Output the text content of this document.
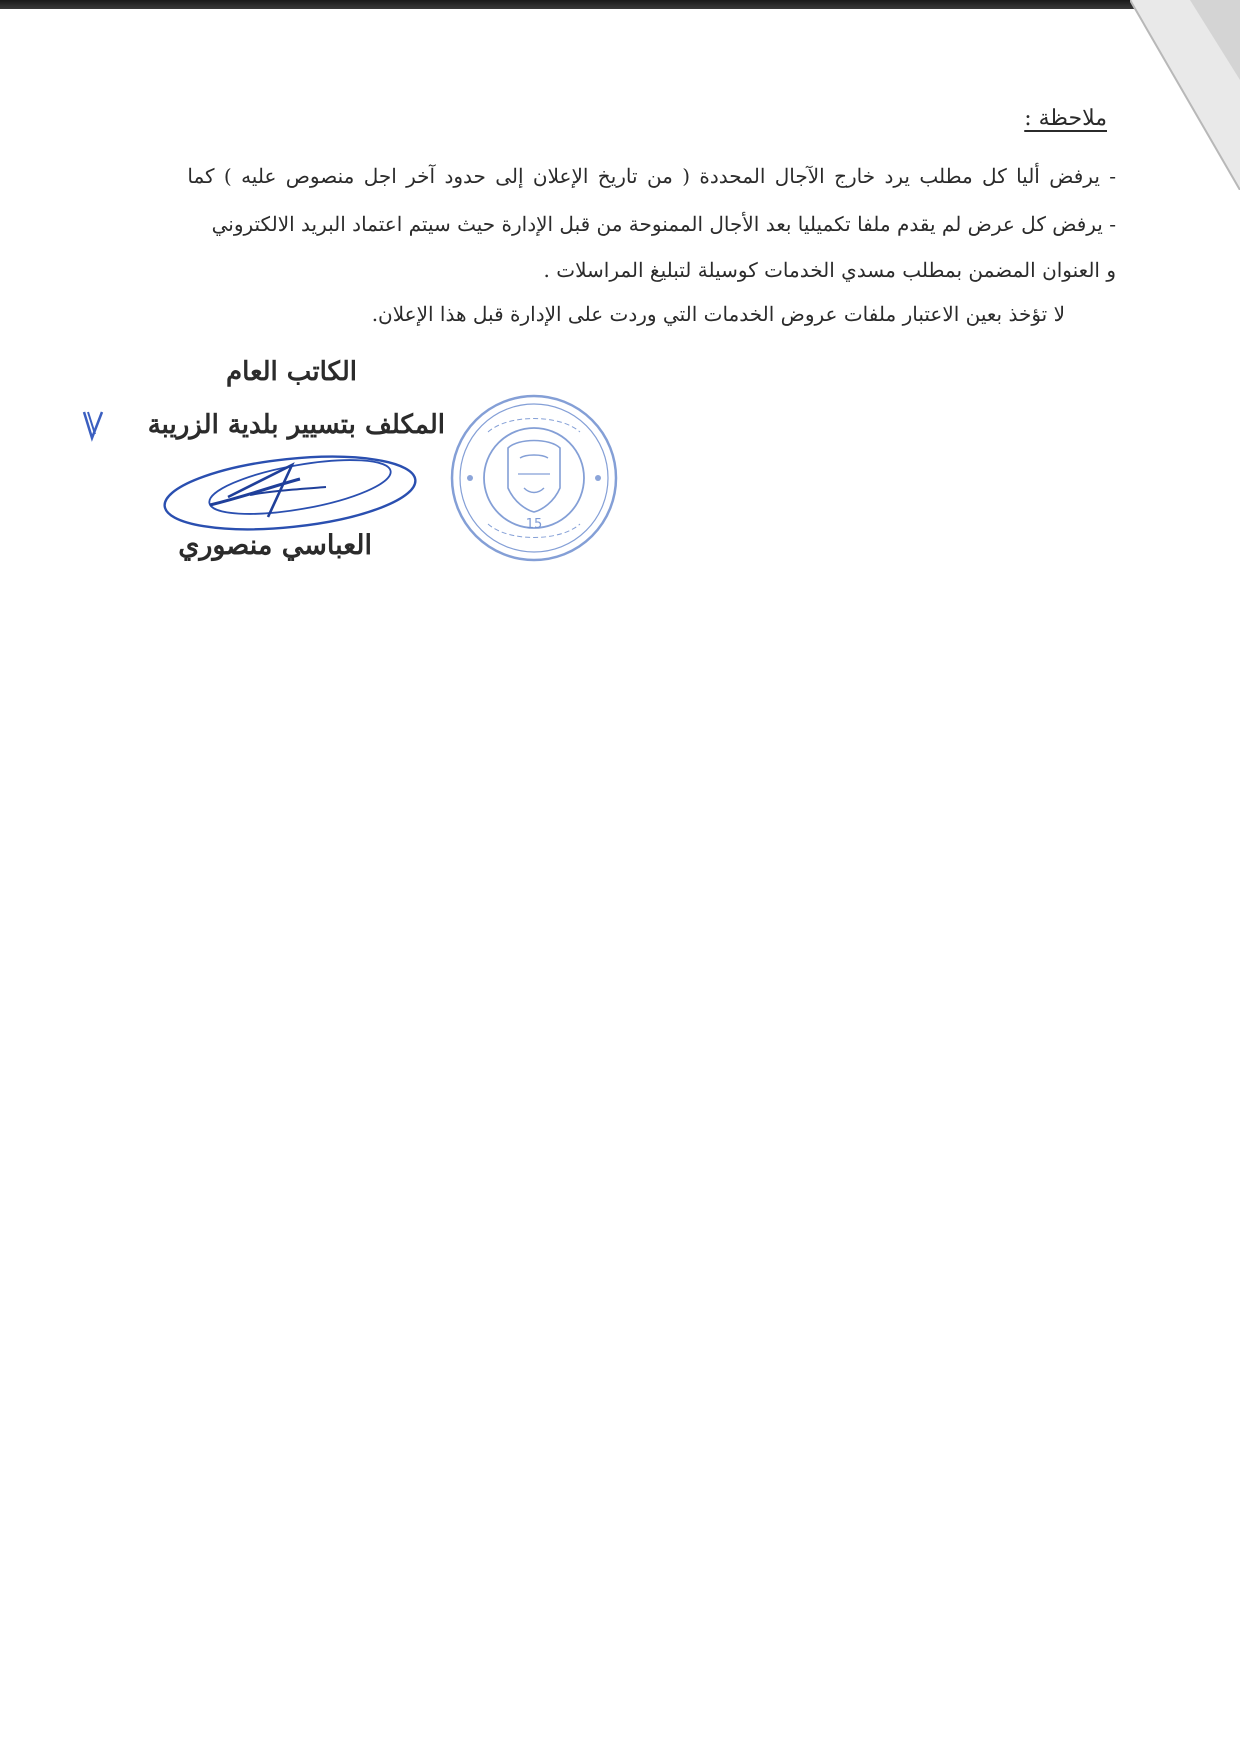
ملاحظة :
- يرفض أليا كل مطلب يرد خارج الآجال المحددة ( من تاريخ الإعلان إلى حدود آخر اجل منصوص عليه ) كما
- يرفض كل عرض لم يقدم ملفا تكميليا بعد الأجال الممنوحة من قبل الإدارة حيث سيتم اعتماد البريد الالكتروني
و العنوان المضمن بمطلب مسدي الخدمات كوسيلة لتبليغ المراسلات .
لا تؤخذ بعين الاعتبار ملفات عروض الخدمات التي وردت على الإدارة قبل هذا الإعلان.
الكاتب العام
المكلف بتسيير بلدية الزريبة
العباسي منصوري
15
